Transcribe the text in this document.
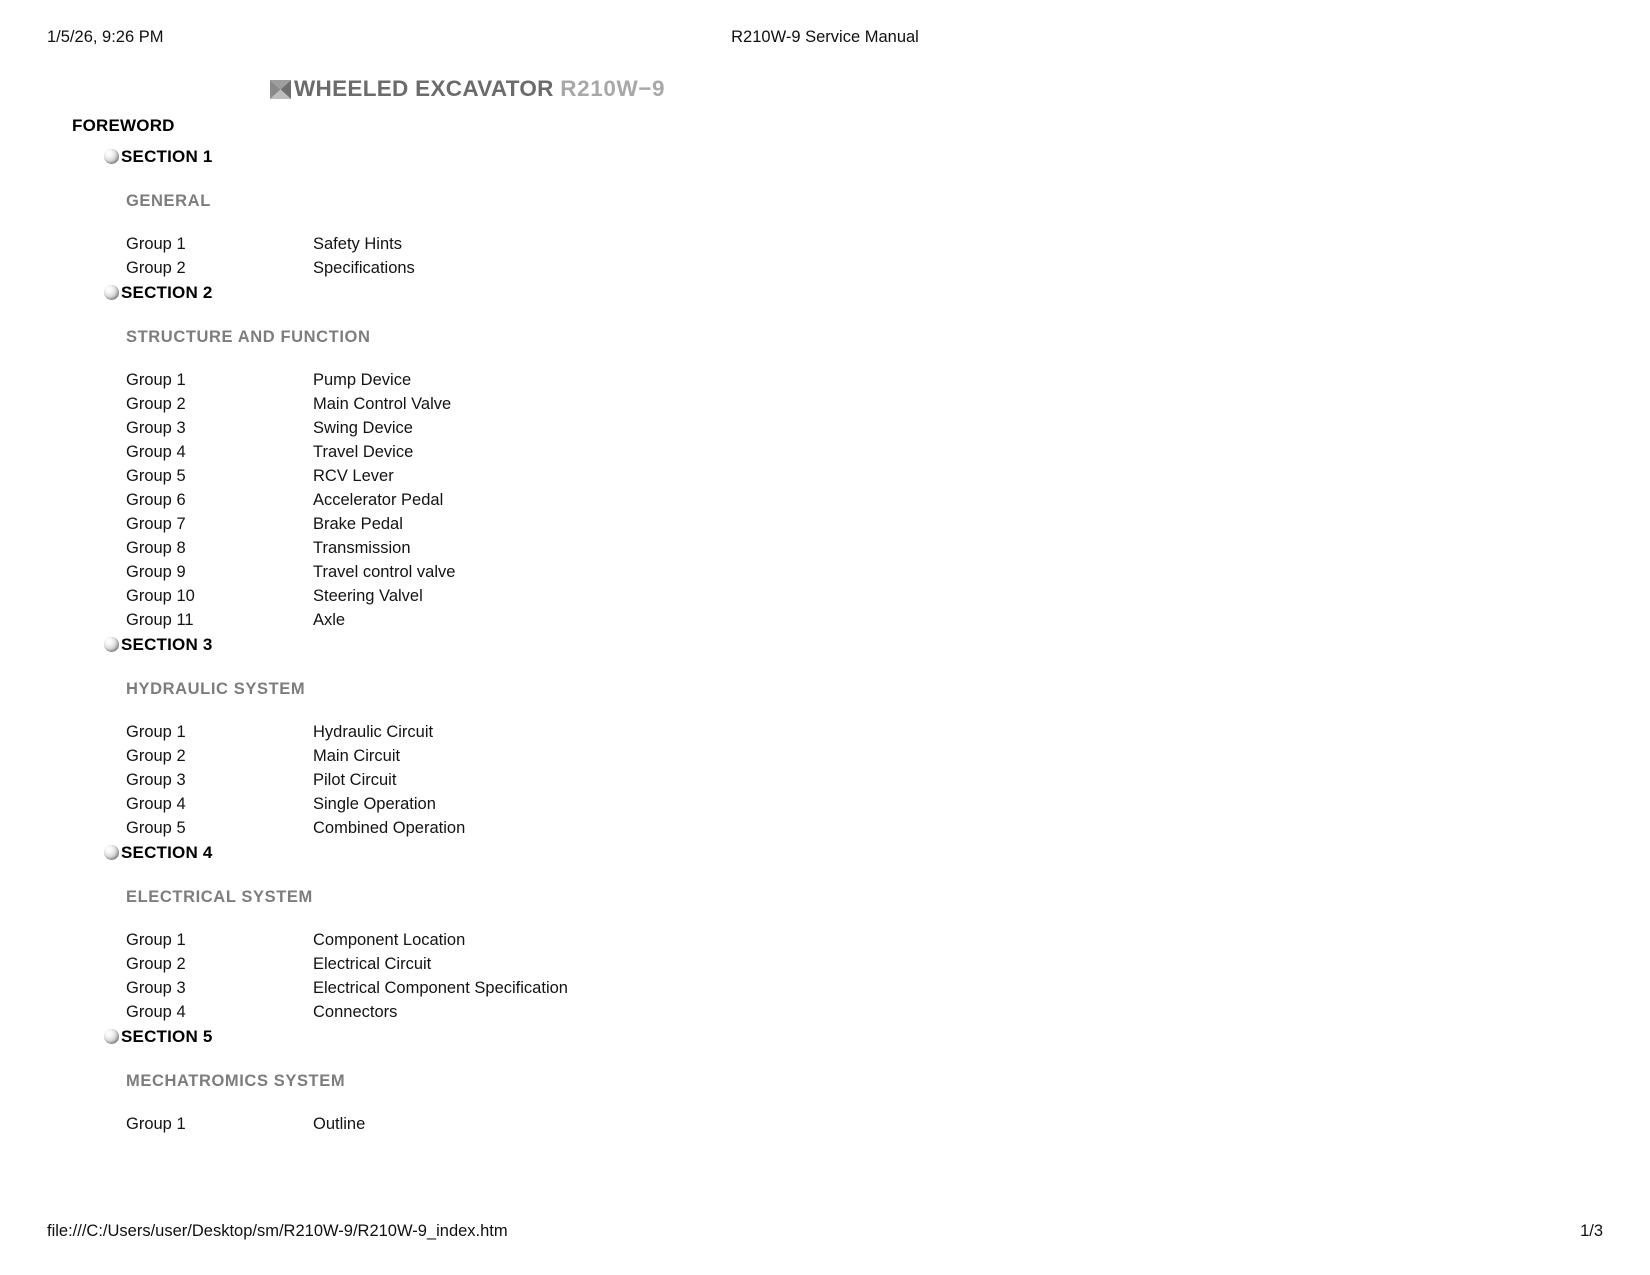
1/5/26, 9:26 PM	R210W-9 Service Manual
WHEELED EXCAVATOR R210W−9
FOREWORD
SECTION 1
GENERAL
Group 1	Safety Hints
Group 2	Specifications
SECTION 2
STRUCTURE AND FUNCTION
Group 1	Pump Device
Group 2	Main Control Valve
Group 3	Swing Device
Group 4	Travel Device
Group 5	RCV Lever
Group 6	Accelerator Pedal
Group 7	Brake Pedal
Group 8	Transmission
Group 9	Travel control valve
Group 10	Steering Valvel
Group 11	Axle
SECTION 3
HYDRAULIC SYSTEM
Group 1	Hydraulic Circuit
Group 2	Main Circuit
Group 3	Pilot Circuit
Group 4	Single Operation
Group 5	Combined Operation
SECTION 4
ELECTRICAL SYSTEM
Group 1	Component Location
Group 2	Electrical Circuit
Group 3	Electrical Component Specification
Group 4	Connectors
SECTION 5
MECHATROMICS SYSTEM
Group 1	Outline
file:///C:/Users/user/Desktop/sm/R210W-9/R210W-9_index.htm	1/3
